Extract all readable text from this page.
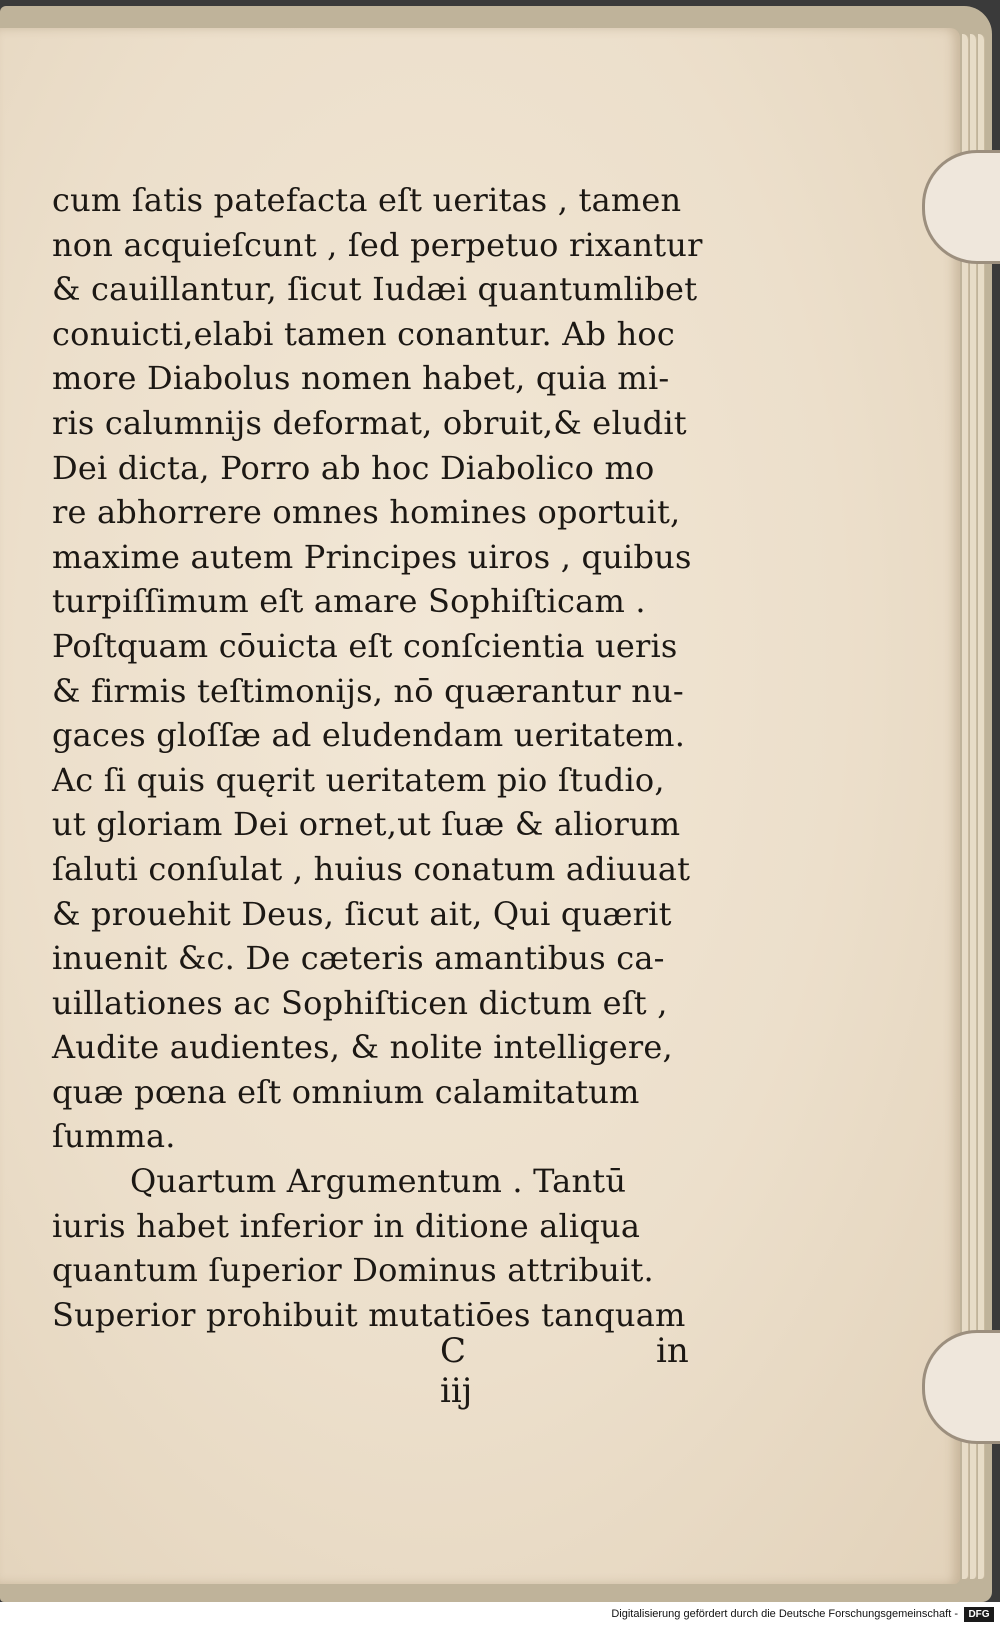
cum ſatis patefacta eſt ueritas , tamen
non acquieſcunt , ſed perpetuo rixantur
& cauillantur, ſicut Iudæi quantumlibet
conuicti,elabi tamen conantur. Ab hoc
more Diabolus nomen habet, quia mi-
ris calumnijs deformat, obruit,& eludit
Dei dicta, Porro ab hoc Diabolico mo
re abhorrere omnes homines oportuit,
maxime autem Principes uiros , quibus
turpiſſimum eſt amare Sophiſticam .
Poſtquam cōuicta eſt conſcientia ueris
& firmis teſtimonijs, nō quærantur nu-
gaces gloſſæ ad eludendam ueritatem.
Ac ſi quis quęrit ueritatem pio ſtudio,
ut gloriam Dei ornet,ut ſuæ & aliorum
ſaluti conſulat , huius conatum adiuuat
& prouehit Deus, ſicut ait, Qui quærit
inuenit &c. De cæteris amantibus ca-
uillationes ac Sophiſticen dictum eſt ,
Audite audientes, & nolite intelligere,
quæ pœna eſt omnium calamitatum
ſumma.
Quartum Argumentum . Tantū
iuris habet inferior in ditione aliqua
quantum ſuperior Dominus attribuit.
Superior prohibuit mutatiōes tanquam
C iij
in
Digitalisierung gefördert durch die Deutsche Forschungsgemeinschaft -	DFG
